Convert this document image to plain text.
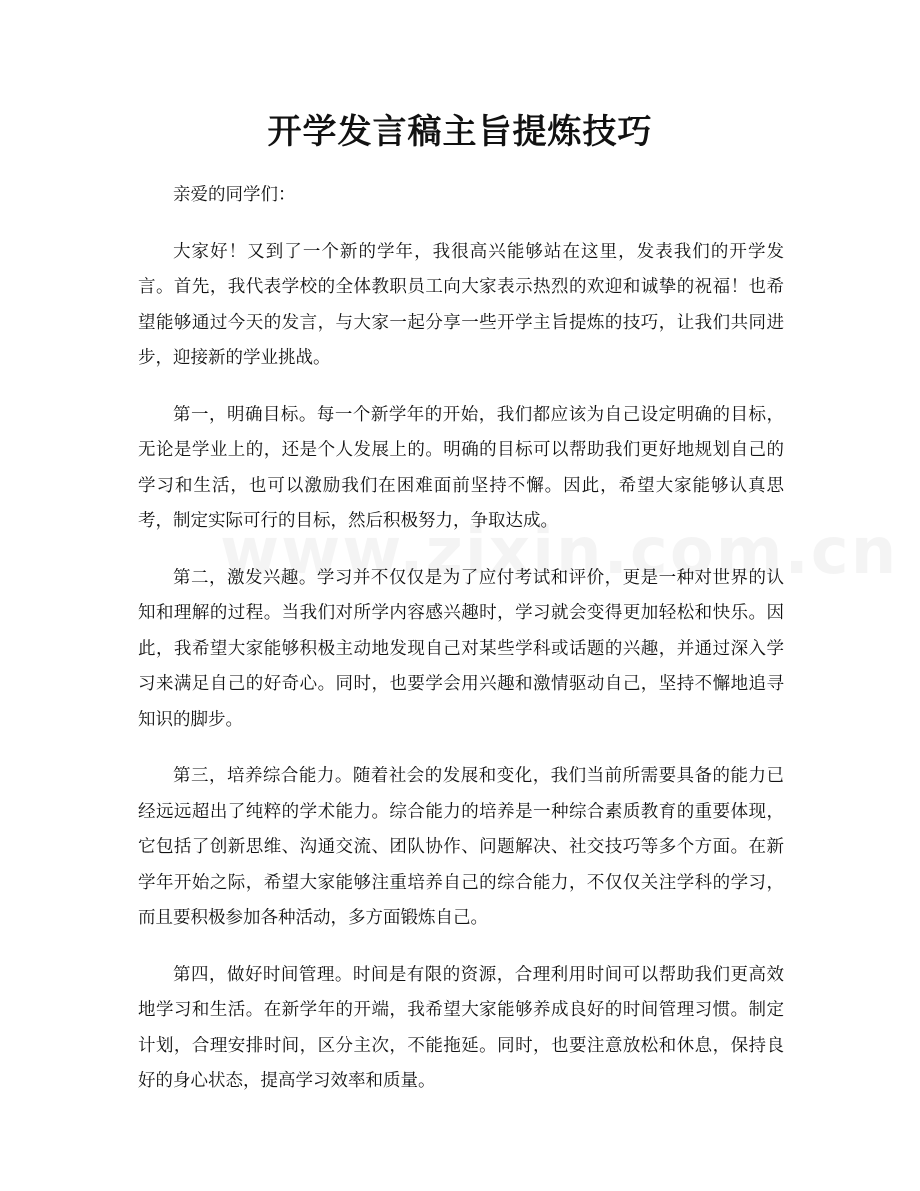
开学发言稿主旨提炼技巧

亲爱的同学们：

大家好！又到了一个新的学年，我很高兴能够站在这里，发表我们的开学发言。首先，我代表学校的全体教职员工向大家表示热烈的欢迎和诚挚的祝福！也希望能够通过今天的发言，与大家一起分享一些开学主旨提炼的技巧，让我们共同进步，迎接新的学业挑战。

第一，明确目标。每一个新学年的开始，我们都应该为自己设定明确的目标，无论是学业上的，还是个人发展上的。明确的目标可以帮助我们更好地规划自己的学习和生活，也可以激励我们在困难面前坚持不懈。因此，希望大家能够认真思考，制定实际可行的目标，然后积极努力，争取达成。

第二，激发兴趣。学习并不仅仅是为了应付考试和评价，更是一种对世界的认知和理解的过程。当我们对所学内容感兴趣时，学习就会变得更加轻松和快乐。因此，我希望大家能够积极主动地发现自己对某些学科或话题的兴趣，并通过深入学习来满足自己的好奇心。同时，也要学会用兴趣和激情驱动自己，坚持不懈地追寻知识的脚步。

第三，培养综合能力。随着社会的发展和变化，我们当前所需要具备的能力已经远远超出了纯粹的学术能力。综合能力的培养是一种综合素质教育的重要体现，它包括了创新思维、沟通交流、团队协作、问题解决、社交技巧等多个方面。在新学年开始之际，希望大家能够注重培养自己的综合能力，不仅仅关注学科的学习，而且要积极参加各种活动，多方面锻炼自己。

第四，做好时间管理。时间是有限的资源，合理利用时间可以帮助我们更高效地学习和生活。在新学年的开端，我希望大家能够养成良好的时间管理习惯。制定计划，合理安排时间，区分主次，不能拖延。同时，也要注意放松和休息，保持良好的身心状态，提高学习效率和质量。
